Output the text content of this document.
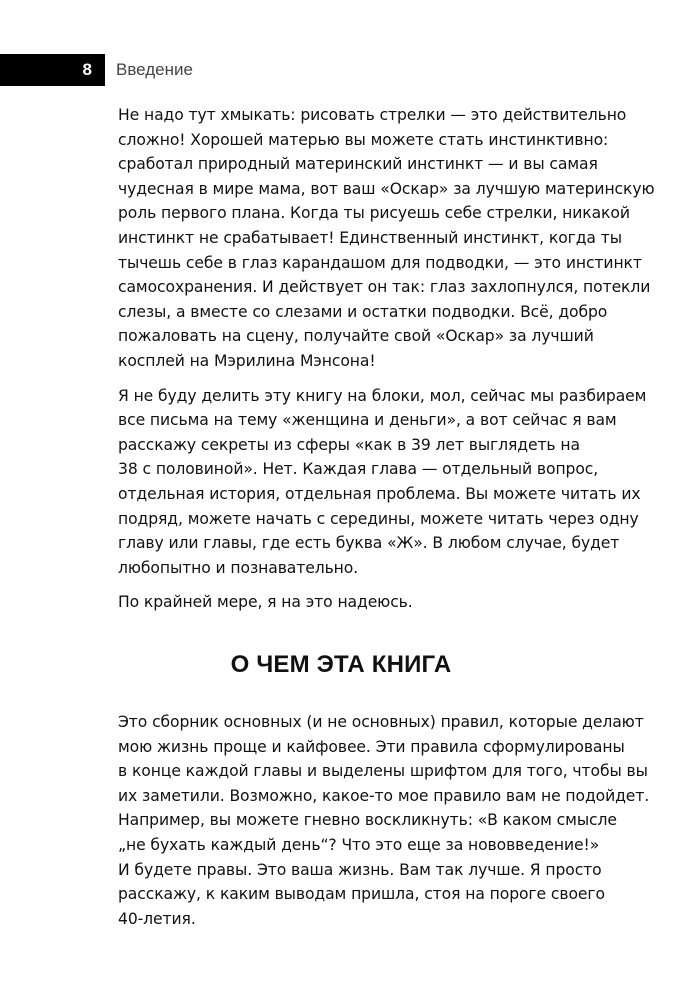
8	Введение

Не надо тут хмыкать: рисовать стрелки — это действительно
сложно! Хорошей матерью вы можете стать инстинктивно:
сработал природный материнский инстинкт — и вы самая
чудесная в мире мама, вот ваш «Оскар» за лучшую материнскую
роль первого плана. Когда ты рисуешь себе стрелки, никакой
инстинкт не срабатывает! Единственный инстинкт, когда ты
тычешь себе в глаз карандашом для подводки, — это инстинкт
самосохранения. И действует он так: глаз захлопнулся, потекли
слезы, а вместе со слезами и остатки подводки. Всё, добро
пожаловать на сцену, получайте свой «Оскар» за лучший
косплей на Мэрилина Мэнсона!

Я не буду делить эту книгу на блоки, мол, сейчас мы разбираем
все письма на тему «женщина и деньги», а вот сейчас я вам
расскажу секреты из сферы «как в 39 лет выглядеть на
38 с половиной». Нет. Каждая глава — отдельный вопрос,
отдельная история, отдельная проблема. Вы можете читать их
подряд, можете начать с середины, можете читать через одну
главу или главы, где есть буква «Ж». В любом случае, будет
любопытно и познавательно.

По крайней мере, я на это надеюсь.

О ЧЕМ ЭТА КНИГА

Это сборник основных (и не основных) правил, которые делают
мою жизнь проще и кайфовее. Эти правила сформулированы
в конце каждой главы и выделены шрифтом для того, чтобы вы
их заметили. Возможно, какое-то мое правило вам не подойдет.
Например, вы можете гневно воскликнуть: «В каком смысле
„не бухать каждый день“? Что это еще за нововведение!»
И будете правы. Это ваша жизнь. Вам так лучше. Я просто
расскажу, к каким выводам пришла, стоя на пороге своего
40-летия.
